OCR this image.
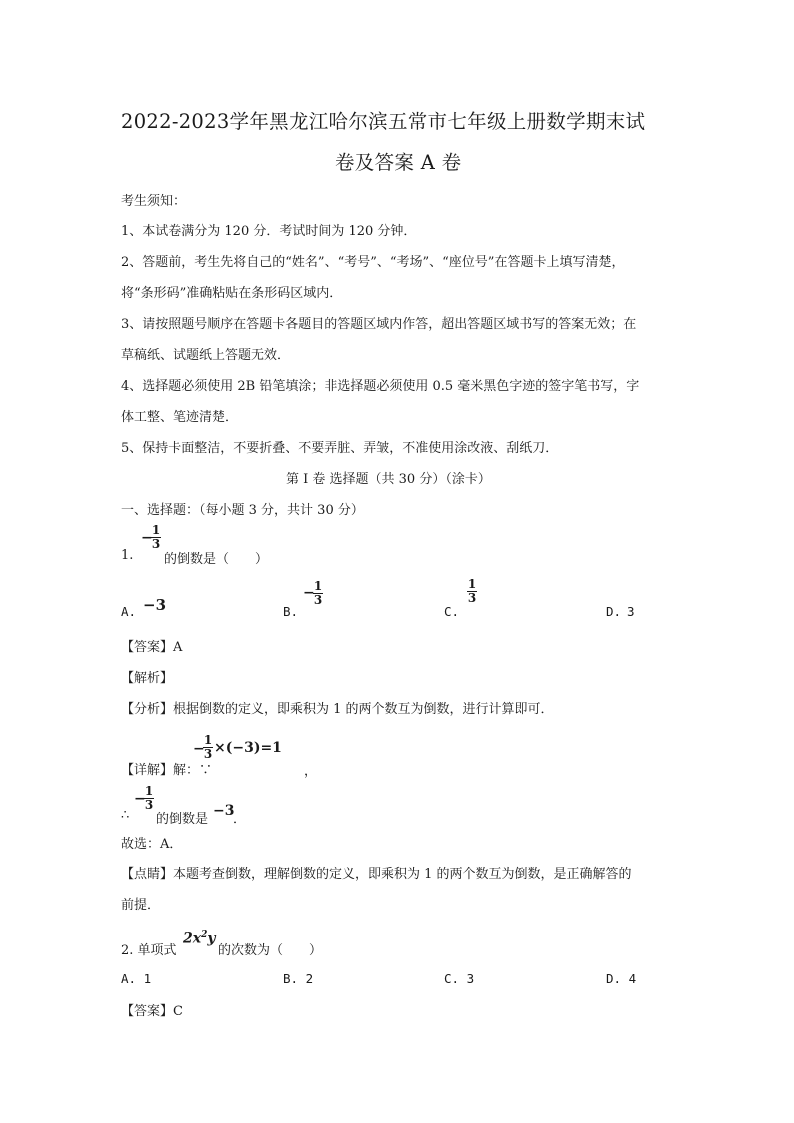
2022-2023学年黑龙江哈尔滨五常市七年级上册数学期末试
卷及答案 A 卷
考生须知：
1、本试卷满分为 120 分．考试时间为 120 分钟．
2、答题前，考生先将自己的“姓名”、“考号”、“考场”、“座位号”在答题卡上填写清楚，
将“条形码”准确粘贴在条形码区域内．
3、请按照题号顺序在答题卡各题目的答题区域内作答，超出答题区域书写的答案无效；在
草稿纸、试题纸上答题无效．
4、选择题必须使用 2B 铅笔填涂；非选择题必须使用 0.5 毫米黑色字迹的签字笔书写，字
体工整、笔迹清楚．
5、保持卡面整洁，不要折叠、不要弄脏、弄皱，不准使用涂改液、刮纸刀．
第 I 卷 选择题（共 30 分）（涂卡）
一、选择题：（每小题 3 分，共计 30 分）
1.
− 1
3
的倒数是（　　）
A. −3	B.
− 1
3
C.
1
3
D. 3
【答案】A
【解析】
【分析】根据倒数的定义，即乘积为 1 的两个数互为倒数，进行计算即可．
【详解】解：∵
−
1
3 ×(−3)=1
，
∴
− 1
3
的倒数是
−3
．
故选：A．
【点睛】本题考查倒数，理解倒数的定义，即乘积为 1 的两个数互为倒数，是正确解答的
前提．
2. 单项式
$2x^2y$
的次数为（　　）
A. 1	B. 2	C. 3	D. 4
【答案】C
